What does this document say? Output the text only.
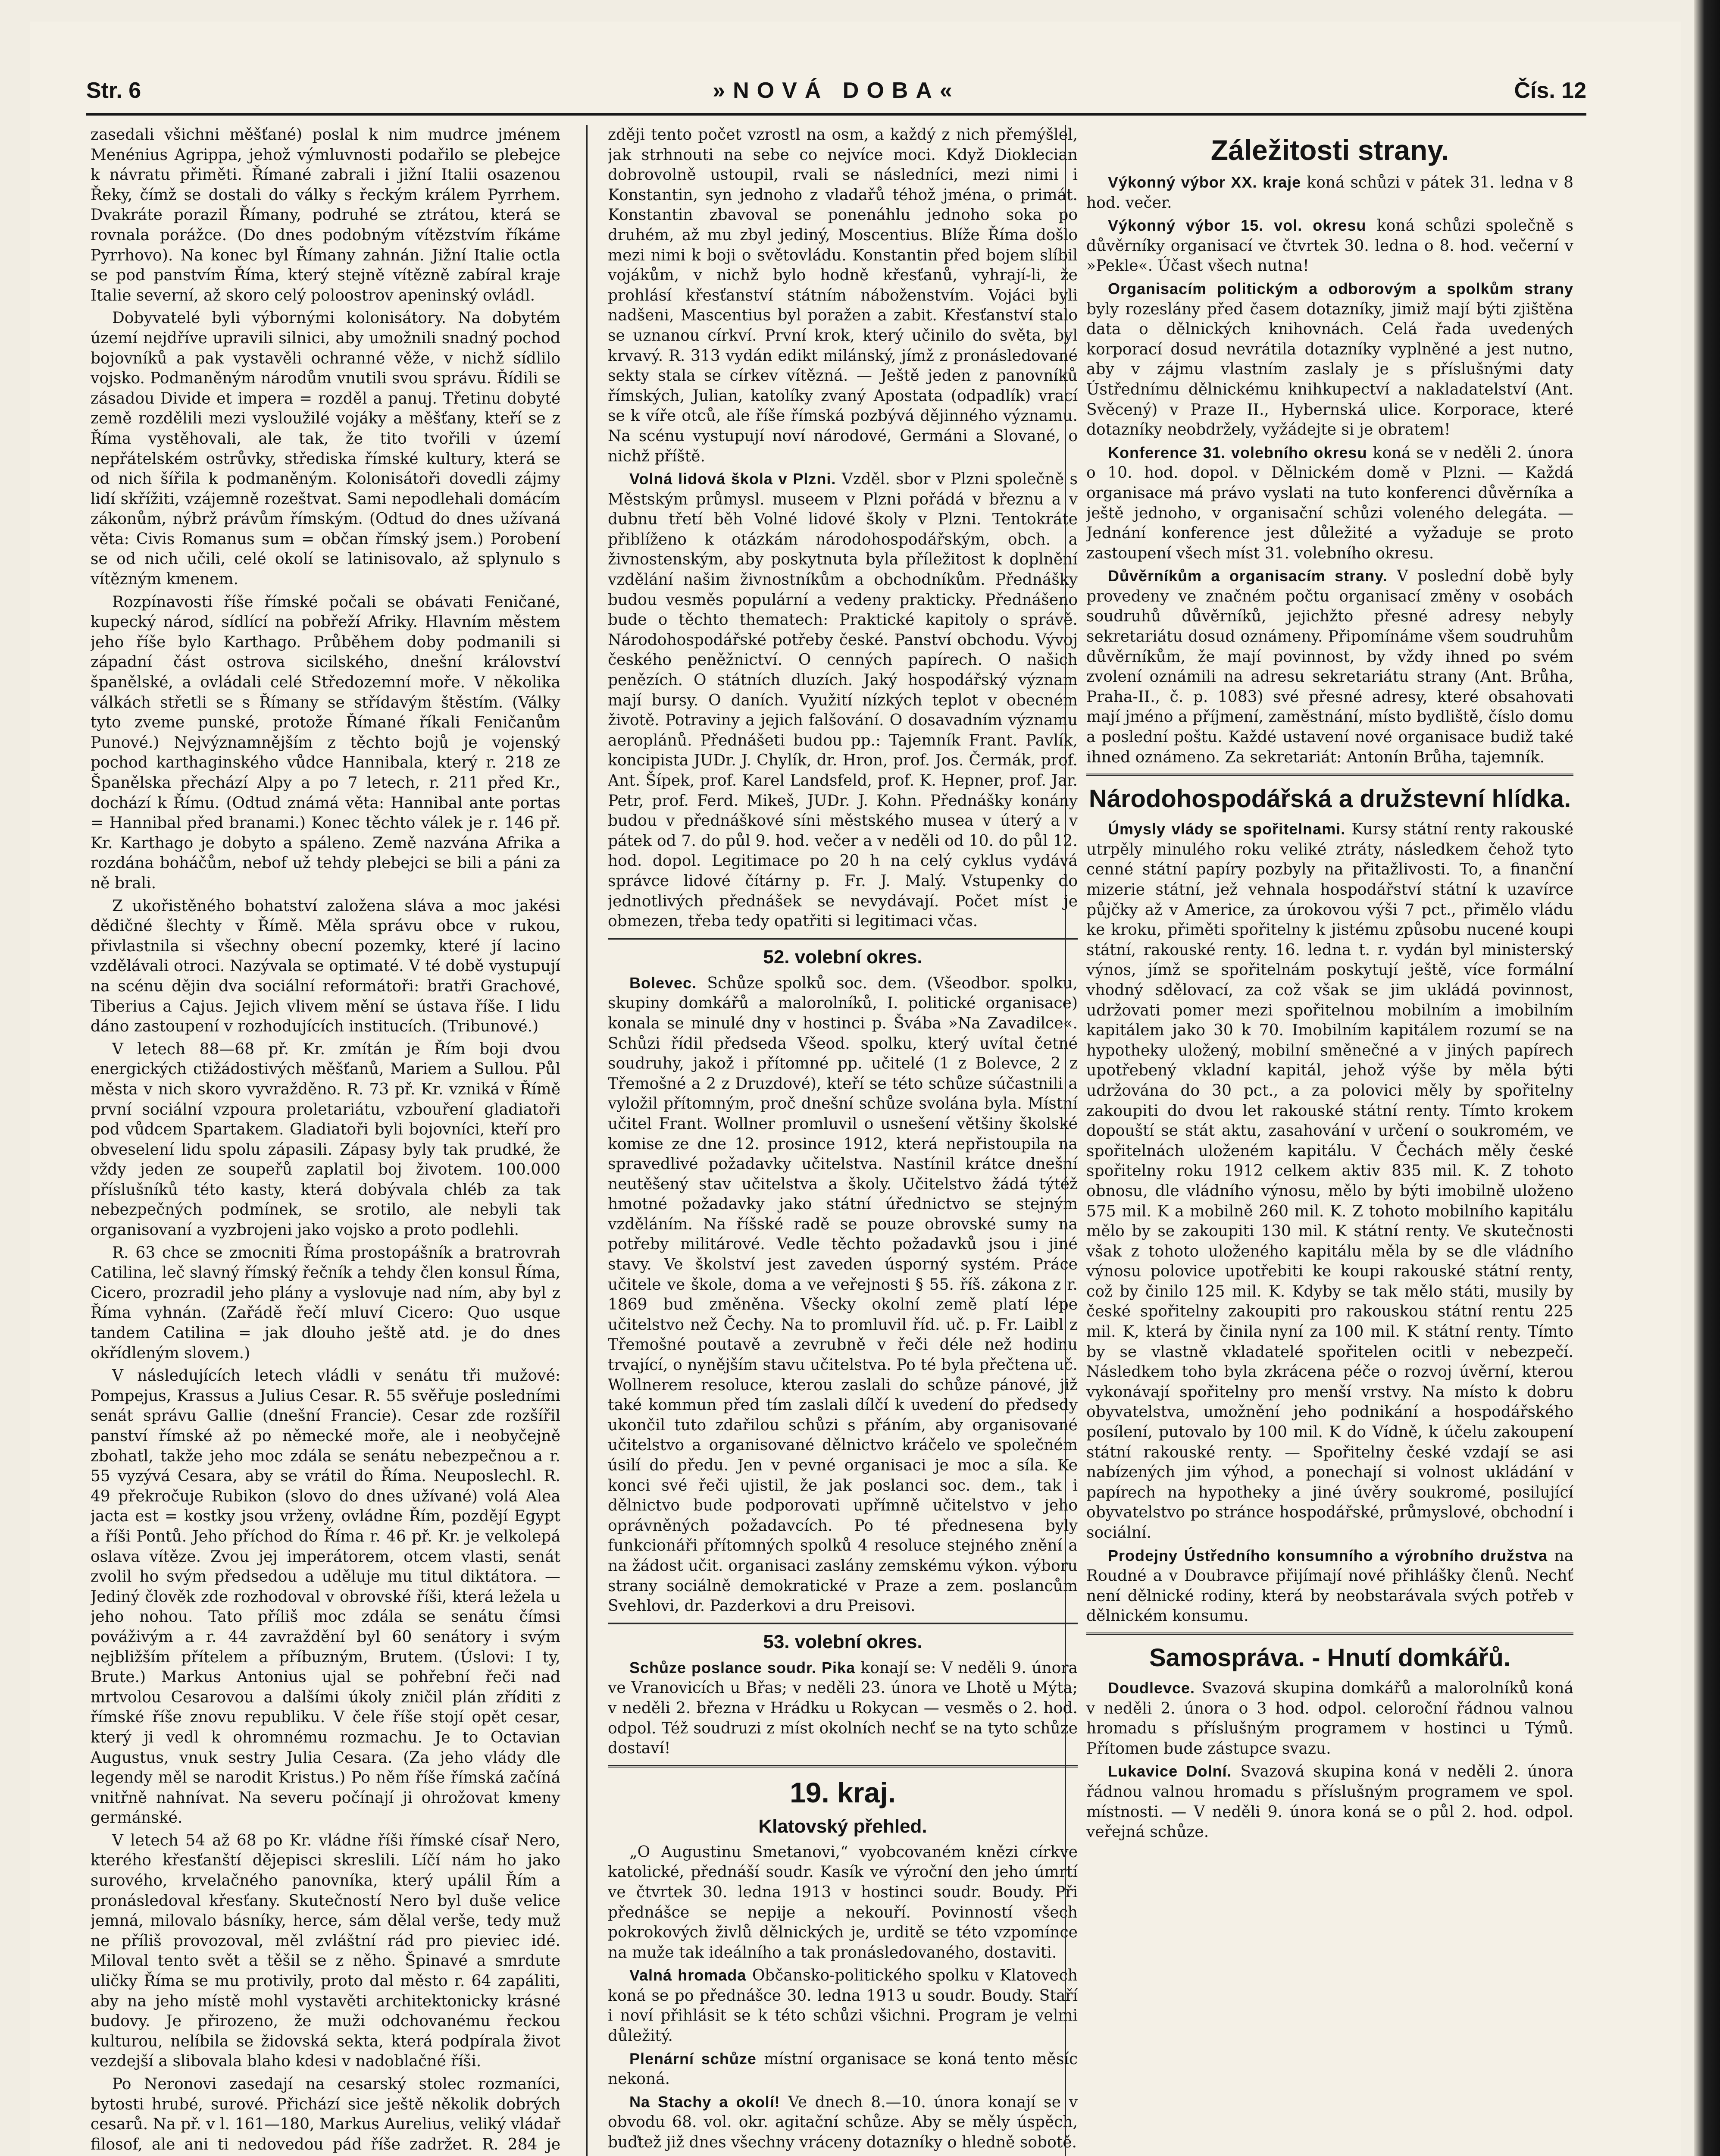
Str. 6	»NOVÁ DOBA«	Čís. 12

zasedali všichni měšťané) poslal k nim mudrce jménem Menénius Agrippa, jehož výmluvnosti podařilo se plebejce k návratu přiměti. Římané zabrali i jižní Italii osazenou Řeky, čímž se dostali do války s řeckým králem Pyrrhem. Dvakráte porazil Římany, podruhé se ztrátou, která se rovnala porážce. (Do dnes podobným vítězstvím říkáme Pyrrhovo). Na konec byl Římany zahnán. Jižní Italie octla se pod panstvím Říma, který stejně vítězně zabíral kraje Italie severní, až skoro celý poloostrov apeninský ovládl.

Dobyvatelé byli výbornými kolonisátory. Na dobytém území nejdříve upravili silnici, aby umožnili snadný pochod bojovníků a pak vystavěli ochranné věže, v nichž sídlilo vojsko. Podmaněným národům vnutili svou správu. Řídili se zásadou Divide et impera = rozděl a panuj. Třetinu dobyté země rozdělili mezi vysloužilé vojáky a měšťany, kteří se z Říma vystěhovali, ale tak, že tito tvořili v území nepřátelském ostrůvky, střediska římské kultury, která se od nich šířila k podmaněným. Kolonisátoři dovedli zájmy lidí skřížiti, vzájemně rozeštvat. Sami nepodlehali domácím zákonům, nýbrž právům římským. (Odtud do dnes užívaná věta: Civis Romanus sum = občan římský jsem.) Porobení se od nich učili, celé okolí se latinisovalo, až splynulo s vítězným kmenem.

Rozpínavosti říše římské počali se obávati Feničané, kupecký národ, sídlící na pobřeží Afriky. Hlavním městem jeho říše bylo Karthago. Průběhem doby podmanili si západní část ostrova sicilského, dnešní království španělské, a ovládali celé Středozemní moře. V několika válkách střetli se s Římany se střídavým štěstím. (Války tyto zveme punské, protože Římané říkali Feničanům Punové.) Nejvýznamnějším z těchto bojů je vojenský pochod karthaginského vůdce Hannibala, který r. 218 ze Španělska přechází Alpy a po 7 letech, r. 211 před Kr., dochází k Římu. (Odtud známá věta: Hannibal ante portas = Hannibal před branami.) Konec těchto válek je r. 146 př. Kr. Karthago je dobyto a spáleno. Země nazvána Afrika a rozdána boháčům, nebof už tehdy plebejci se bili a páni za ně brali.

Z ukořistěného bohatství založena sláva a moc jakési dědičné šlechty v Římě. Měla správu obce v rukou, přivlastnila si všechny obecní pozemky, které jí lacino vzdělávali otroci. Nazývala se optimaté. V té době vystupují na scénu dějin dva sociální reformátoři: bratři Grachové, Tiberius a Cajus. Jejich vlivem mění se ústava říše. I lidu dáno zastoupení v rozhodujících institucích. (Tribunové.)

V letech 88—68 př. Kr. zmítán je Řím boji dvou energických ctižádostivých měšťanů, Mariem a Sullou. Půl města v nich skoro vyvražděno. R. 73 př. Kr. vzniká v Římě první sociální vzpoura proletariátu, vzbouření gladiatoři pod vůdcem Spartakem. Gladiatoři byli bojovníci, kteří pro obveselení lidu spolu zápasili. Zápasy byly tak prudké, že vždy jeden ze soupeřů zaplatil boj životem. 100.000 příslušníků této kasty, která dobývala chléb za tak nebezpečných podmínek, se srotilo, ale nebyli tak organisovaní a vyzbrojeni jako vojsko a proto podlehli.

R. 63 chce se zmocniti Říma prostopášník a bratrovrah Catilina, leč slavný římský řečník a tehdy člen konsul Říma, Cicero, prozradil jeho plány a vyslovuje nad ním, aby byl z Říma vyhnán. (Zařádě řečí mluví Cicero: Quo usque tandem Catilina = jak dlouho ještě atd. je do dnes okřídleným slovem.)

V následujících letech vládli v senátu tři mužové: Pompejus, Krassus a Julius Cesar. R. 55 svěřuje posledními senát správu Gallie (dnešní Francie). Cesar zde rozšířil panství římské až po německé moře, ale i neobyčejně zbohatl, takže jeho moc zdála se senátu nebezpečnou a r. 55 vyzývá Cesara, aby se vrátil do Říma. Neuposlechl. R. 49 překročuje Rubikon (slovo do dnes užívané) volá Alea jacta est = kostky jsou vrženy, ovládne Řím, pozdějí Egypt a říši Pontů. Jeho příchod do Říma r. 46 př. Kr. je velkolepá oslava vítěze. Zvou jej imperátorem, otcem vlasti, senát zvolil ho svým předsedou a uděluje mu titul diktátora. — Jediný člověk zde rozhodoval v obrovské říši, která ležela u jeho nohou. Tato příliš moc zdála se senátu čímsi pováživým a r. 44 zavraždění byl 60 senátory i svým nejbližším přítelem a příbuzným, Brutem. (Úslovi: I ty, Brute.) Markus Antonius ujal se pohřební řeči nad mrtvolou Cesarovou a dalšími úkoly zničil plán zříditi z římské říše znovu republiku. V čele říše stojí opět cesar, který ji vedl k ohromnému rozmachu. Je to Octavian Augustus, vnuk sestry Julia Cesara. (Za jeho vlády dle legendy měl se narodit Kristus.) Po něm říše římská začíná vnitřně nahnívat. Na severu počínají ji ohrožovat kmeny germánské.

V letech 54 až 68 po Kr. vládne říši římské císař Nero, kterého křesťanští dějepisci skreslili. Líčí nám ho jako surového, krvelačného panovníka, který upálil Řím a pronásledoval křesťany. Skutečností Nero byl duše velice jemná, milovalo básníky, herce, sám dělal verše, tedy muž ne příliš provozoval, měl zvláštní rád pro pieviec idé. Miloval tento svět a těšil se z něho. Špinavé a smrdute uličky Říma se mu protivily, proto dal město r. 64 zapáliti, aby na jeho místě mohl vystavěti architektonicky krásné budovy. Je přirozeno, že muži odchovanému řeckou kulturou, nelíbila se židovská sekta, která podpírala život vezdejší a slibovala blaho kdesi v nadoblačné říši.

Po Neronovi zasedají na cesarský stolec rozmaníci, bytosti hrubé, surové. Přichází sice ještě několik dobrých cesarů. Na př. v l. 161—180, Markus Aurelius, veliký vládař filosof, ale ani ti nedovedou pád říše zadržet. R. 284 je

zději tento počet vzrostl na osm, a každý z nich přemýšlel, jak strhnouti na sebe co nejvíce moci. Když Dioklecian dobrovolně ustoupil, rvali se následníci, mezi nimi i Konstantin, syn jednoho z vladařů téhož jména, o primát. Konstantin zbavoval se ponenáhlu jednoho soka po druhém, až mu zbyl jediný, Moscentius. Blíže Říma došlo mezi nimi k boji o světovládu. Konstantin před bojem slíbil vojákům, v nichž bylo hodně křesťanů, vyhrají-li, že prohlásí křesťanství státním náboženstvím. Vojáci byli nadšeni, Mascentius byl poražen a zabit. Křesťanství stalo se uznanou církví. První krok, který učinilo do světa, byl krvavý. R. 313 vydán edikt milánský, jímž z pronásledované sekty stala se církev vítězná. — Ještě jeden z panovníků římských, Julian, katolíky zvaný Apostata (odpadlík) vrací se k víře otců, ale říše římská pozbývá dějinného významu. Na scénu vystupují noví národové, Germáni a Slované, o nichž příště.

Volná lidová škola v Plzni. Vzděl. sbor v Plzni společně s Městským průmysl. museem v Plzni pořádá v březnu a v dubnu třetí běh Volné lidové školy v Plzni. Tentokráte přiblíženo k otázkám národohospodářským, obch. a živnostenským, aby poskytnuta byla příležitost k doplnění vzdělání našim živnostníkům a obchodníkům. Přednášky budou vesměs populární a vedeny prakticky. Přednášeno bude o těchto thematech: Praktické kapitoly o správě. Národohospodářské potřeby české. Panství obchodu. Vývoj českého peněžnictví. O cenných papírech. O našich penězích. O státních dluzích. Jaký hospodářský význam mají bursy. O daních. Využití nízkých teplot v obecném životě. Potraviny a jejich falšování. O dosavadním významu aeroplánů. Přednášeti budou pp.: Tajemník Frant. Pavlík, koncipista JUDr. J. Chylík, dr. Hron, prof. Jos. Čermák, prof. Ant. Šípek, prof. Karel Landsfeld, prof. K. Hepner, prof. Jar. Petr, prof. Ferd. Mikeš, JUDr. J. Kohn. Přednášky konány budou v přednáškové síni městského musea v úterý a v pátek od 7. do půl 9. hod. večer a v neděli od 10. do půl 12. hod. dopol. Legitimace po 20 h na celý cyklus vydává správce lidové čítárny p. Fr. J. Malý. Vstupenky do jednotlivých přednášek se nevydávají. Počet míst je obmezen, třeba tedy opatřiti si legitimaci včas.

52. volební okres.

Bolevec. Schůze spolků soc. dem. (Všeodbor. spolku, skupiny domkářů a malorolníků, I. politické organisace) konala se minulé dny v hostinci p. Švába »Na Zavadilce«. Schůzi řídil předseda Všeod. spolku, který uvítal četné soudruhy, jakož i přítomné pp. učitelé (1 z Bolevce, 2 z Třemošné a 2 z Druzdové), kteří se této schůze súčastnili a vyložil přítomným, proč dnešní schůze svolána byla. Místní učitel Frant. Wollner promluvil o usnešení většiny školské komise ze dne 12. prosince 1912, která nepřistoupila na spravedlivé požadavky učitelstva. Nastínil krátce dnešní neutěšený stav učitelstva a školy. Učitelstvo žádá týtéž hmotné požadavky jako státní úřednictvo se stejným vzděláním. Na říšské radě se pouze obrovské sumy na potřeby militárové. Vedle těchto požadavků jsou i jiné stavy. Ve školství jest zaveden úsporný systém. Práce učitele ve škole, doma a ve veřejnosti § 55. říš. zákona z r. 1869 bud změněna. Všecky okolní země platí lépe učitelstvo než Čechy. Na to promluvil říd. uč. p. Fr. Laibl z Třemošné poutavě a zevrubně v řeči déle než hodinu trvající, o nynějším stavu učitelstva. Po té byla přečtena uč. Wollnerem resoluce, kterou zaslali do schůze pánové, již také kommun před tím zaslali dílčí k uvedení do předsedy ukončil tuto zdařilou schůzi s přáním, aby organisované učitelstvo a organisované dělnictvo kráčelo ve společném úsilí do předu. Jen v pevné organisaci je moc a síla. Ke konci své řeči ujistil, že jak poslanci soc. dem., tak i dělnictvo bude podporovati upřímně učitelstvo v jeho oprávněných požadavcích. Po té přednesena byly funkcionáři přítomných spolků 4 resoluce stejného znění a na žádost učit. organisaci zaslány zemskému výkon. výboru strany sociálně demokratické v Praze a zem. poslancům Svehlovi, dr. Pazderkovi a dru Preisovi.

53. volební okres.

Schůze poslance soudr. Pika konají se: V neděli 9. února ve Vranovicích u Břas; v neděli 23. února ve Lhotě u Mýta; v neděli 2. března v Hrádku u Rokycan — vesměs o 2. hod. odpol. Též soudruzi z míst okolních nechť se na tyto schůze dostaví!

19. kraj.
Klatovský přehled.

„O Augustinu Smetanovi,“ vyobcovaném knězi církve katolické, přednáší soudr. Kasík ve výroční den jeho úmrtí ve čtvrtek 30. ledna 1913 v hostinci soudr. Boudy. Při přednášce se nepije a nekouří. Povinností všech pokrokových živlů dělnických je, urditě se této vzpomínce na muže tak ideálního a tak pronásledovaného, dostaviti.

Valná hromada Občansko-politického spolku v Klatovech koná se po přednášce 30. ledna 1913 u soudr. Boudy. Staří i noví přihlásit se k této schůzi všichni. Program je velmi důležitý.

Plenární schůze místní organisace se koná tento měsíc nekoná.

Na Stachy a okolí! Ve dnech 8.—10. února konají se v obvodu 68. vol. okr. agitační schůze. Aby se měly úspěch, buďtež již dnes všechny vráceny dotazníky o hledně sobotě.

Záležitosti strany.

Výkonný výbor XX. kraje koná schůzi v pátek 31. ledna v 8 hod. večer.

Výkonný výbor 15. vol. okresu koná schůzi společně s důvěrníky organisací ve čtvrtek 30. ledna o 8. hod. večerní v »Pekle«. Účast všech nutna!

Organisacím politickým a odborovým a spolkům strany byly rozeslány před časem dotazníky, jimiž mají býti zjištěna data o dělnických knihovnách. Celá řada uvedených korporací dosud nevrátila dotazníky vyplněné a jest nutno, aby v zájmu vlastním zaslaly je s příslušnými daty Ústřednímu dělnickému knihkupectví a nakladatelství (Ant. Svěcený) v Praze II., Hybernská ulice. Korporace, které dotazníky neobdržely, vyžádejte si je obratem!

Konference 31. volebního okresu koná se v neděli 2. února o 10. hod. dopol. v Dělnickém domě v Plzni. — Každá organisace má právo vyslati na tuto konferenci důvěrníka a ještě jednoho, v organisační schůzi voleného delegáta. — Jednání konference jest důležité a vyžaduje se proto zastoupení všech míst 31. volebního okresu.

Důvěrníkům a organisacím strany. V poslední době byly provedeny ve značném počtu organisací změny v osobách soudruhů důvěrníků, jejichžto přesné adresy nebyly sekretariátu dosud oznámeny. Připomínáme všem soudruhům důvěrníkům, že mají povinnost, by vždy ihned po svém zvolení oznámili na adresu sekretariátu strany (Ant. Brůha, Praha-II., č. p. 1083) své přesné adresy, které obsahovati mají jméno a příjmení, zaměstnání, místo bydliště, číslo domu a poslední poštu. Každé ustavení nové organisace budiž také ihned oznámeno. Za sekretariát: Antonín Brůha, tajemník.

Národohospodářská a družstevní hlídka.

Úmysly vlády se spořitelnami. Kursy státní renty rakouské utrpěly minulého roku veliké ztráty, následkem čehož tyto cenné státní papíry pozbyly na přitažlivosti. To, a finanční mizerie státní, jež vehnala hospodářství státní k uzavírce půjčky až v Americe, za úrokovou výši 7 pct., přimělo vládu ke kroku, přiměti spořitelny k jistému způsobu nucené koupi státní, rakouské renty. 16. ledna t. r. vydán byl ministerský výnos, jímž se spořitelnám poskytují ještě, více formální vhodný sdělovací, za což však se jim ukládá povinnost, udržovati pomer mezi spořitelnou mobilním a imobilním kapitálem jako 30 k 70. Imobilním kapitálem rozumí se na hypotheky uložený, mobilní směnečné a v jiných papírech upotřebený vkladní kapitál, jehož výše by měla býti udržována do 30 pct., a za polovici měly by spořitelny zakoupiti do dvou let rakouské státní renty. Tímto krokem dopouští se stát aktu, zasahování v určení o soukromém, ve spořitelnách uloženém kapitálu. V Čechách měly české spořitelny roku 1912 celkem aktiv 835 mil. K. Z tohoto obnosu, dle vládního výnosu, mělo by býti imobilně uloženo 575 mil. K a mobilně 260 mil. K. Z tohoto mobilního kapitálu mělo by se zakoupiti 130 mil. K státní renty. Ve skutečnosti však z tohoto uloženého kapitálu měla by se dle vládního výnosu polovice upotřebiti ke koupi rakouské státní renty, což by činilo 125 mil. K. Kdyby se tak mělo státi, musily by české spořitelny zakoupiti pro rakouskou státní rentu 225 mil. K, která by činila nyní za 100 mil. K státní renty. Tímto by se vlastně vkladatelé spořitelen ocitli v nebezpečí. Následkem toho byla zkrácena péče o rozvoj úvěrní, kterou vykonávají spořitelny pro menší vrstvy. Na místo k dobru obyvatelstva, umožnění jeho podnikání a hospodářského posílení, putovalo by 100 mil. K do Vídně, k účelu zakoupení státní rakouské renty. — Spořitelny české vzdají se asi nabízených jim výhod, a ponechají si volnost ukládání v papírech na hypotheky a jiné úvěry soukromé, posilující obyvatelstvo po stránce hospodářské, průmyslové, obchodní i sociální.

Prodejny Ústředního konsumního a výrobního družstva na Roudné a v Doubravce přijímají nové přihlášky členů. Nechť není dělnické rodiny, která by neobstarávala svých potřeb v dělnickém konsumu.

Samospráva. - Hnutí domkářů.

Doudlevce. Svazová skupina domkářů a malorolníků koná v neděli 2. února o 3 hod. odpol. celoroční řádnou valnou hromadu s příslušným programem v hostinci u Týmů. Přítomen bude zástupce svazu.

Lukavice Dolní. Svazová skupina koná v neděli 2. února řádnou valnou hromadu s příslušným programem ve spol. místnosti. — V neděli 9. února koná se o půl 2. hod. odpol. veřejná schůze.
